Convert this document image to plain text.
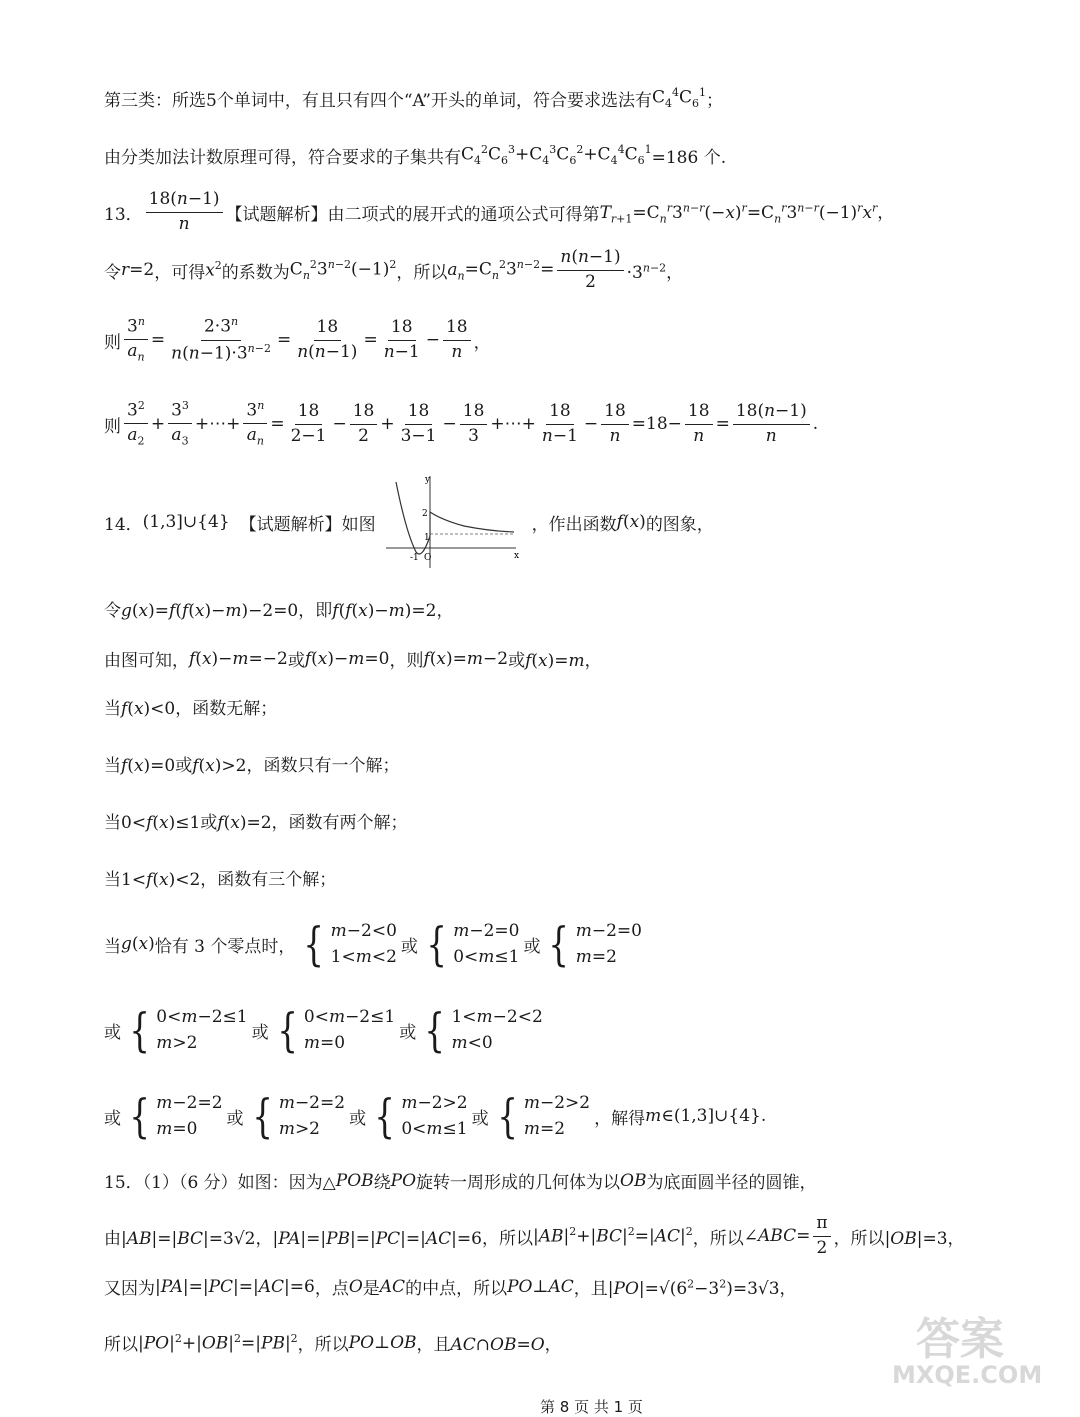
第三类：所选5个单词中，有且只有四个“A”开头的单词，符合要求选法有 $C_4^4C_6^1$ ；
由分类加法计数原理可得，符合要求的子集共有 $C_4^2C_6^3+C_4^3C_6^2+C_4^4C_6^1 =186$ 个.
13． $\frac{18(n-1)}{n}$ 【试题解析】由二项式的展开式的通项公式可得第 $T_{r+1}=C_n^r3^{n-r}(-x)^r=C_n^r3^{n-r}(-1)^rx^r$，
令 r=2 ，可得 $x^2$ 的系数为 $C_n^23^{n-2}(-1)^2$ ，所以 $a_n=C_n^23^{n-2}= \frac{n(n-1)}{2} \cdot 3^{n-2}$，
则 $\frac{3^n}{a_n} = \frac{2\cdot 3^n}{n(n-1)\cdot 3^{n-2}} = \frac{18}{n(n-1)} = \frac{18}{n-1} - \frac{18}{n}$ ，
则 $\frac{3^2}{a_2} + \frac{3^3}{a_3}$ +⋯+ $\frac{3^n}{a_n} = \frac{18}{2-1} - \frac{18}{2} + \frac{18}{3-1} - \frac{18}{3}$ +⋯+ $\frac{18}{n-1} - \frac{18}{n} =18- \frac{18}{n} = \frac{18(n-1)}{n}$ .
14． (1,3]∪{4} 【试题解析】如图
y
x
2
1
-1 O
，作出函数 f(x) 的图象，
令g(x)=f(f(x)−m)−2=0 ，即 f(f(x)−m)=2，
由图可知， f(x)−m=−2 或 f(x)−m=0 ，则 f(x)=m−2 或 f(x)=m，
当f(x)<0 ，函数无解；
当f(x)=0或f(x)>2 ，函数只有一个解；
当0<f(x)≤1或f(x)=2 ，函数有两个解；
当1<f(x)<2 ，函数有三个解；
当 g(x) 恰有 3 个零点时， { m−2<0
1<m<2
或 { m−2=0
0<m≤1
或 { m−2=0
m=2
或 { 0<m−2≤1
m>2
或 { 0<m−2≤1
m=0
或 { 1<m−2<2
m<0
或 { m−2=2
m=0
或 { m−2=2
m>2
或 { m−2>2
0<m≤1
或 { m−2>2
m=2
，解得 m∈(1,3]∪{4}.
15．（1）（6 分）如图：因为△ POB 绕 PO 旋转一周形成的几何体为以 OB 为底面圆半径的圆锥，
由 |AB|=|BC|=3√2，|PA|=|PB|=|PC|=|AC|=6 ，所以 $|AB|^2+|BC|^2=|AC|^2$ ，所以 ∠ABC= $\frac{\pi}{2}$ ，所以 |OB|=3，
又因为 |PA|=|PC|=|AC|=6 ，点 O 是 AC 的中点，所以 PO⊥AC ，且 $|PO|=√(6^2-3^2)=3√3$，
所以 $|PO|^2+|OB|^2=|PB|^2$ ，所以 PO⊥OB ，且 AC∩OB=O，
第 8 页 共 1 页
答案
MXQE.COM
